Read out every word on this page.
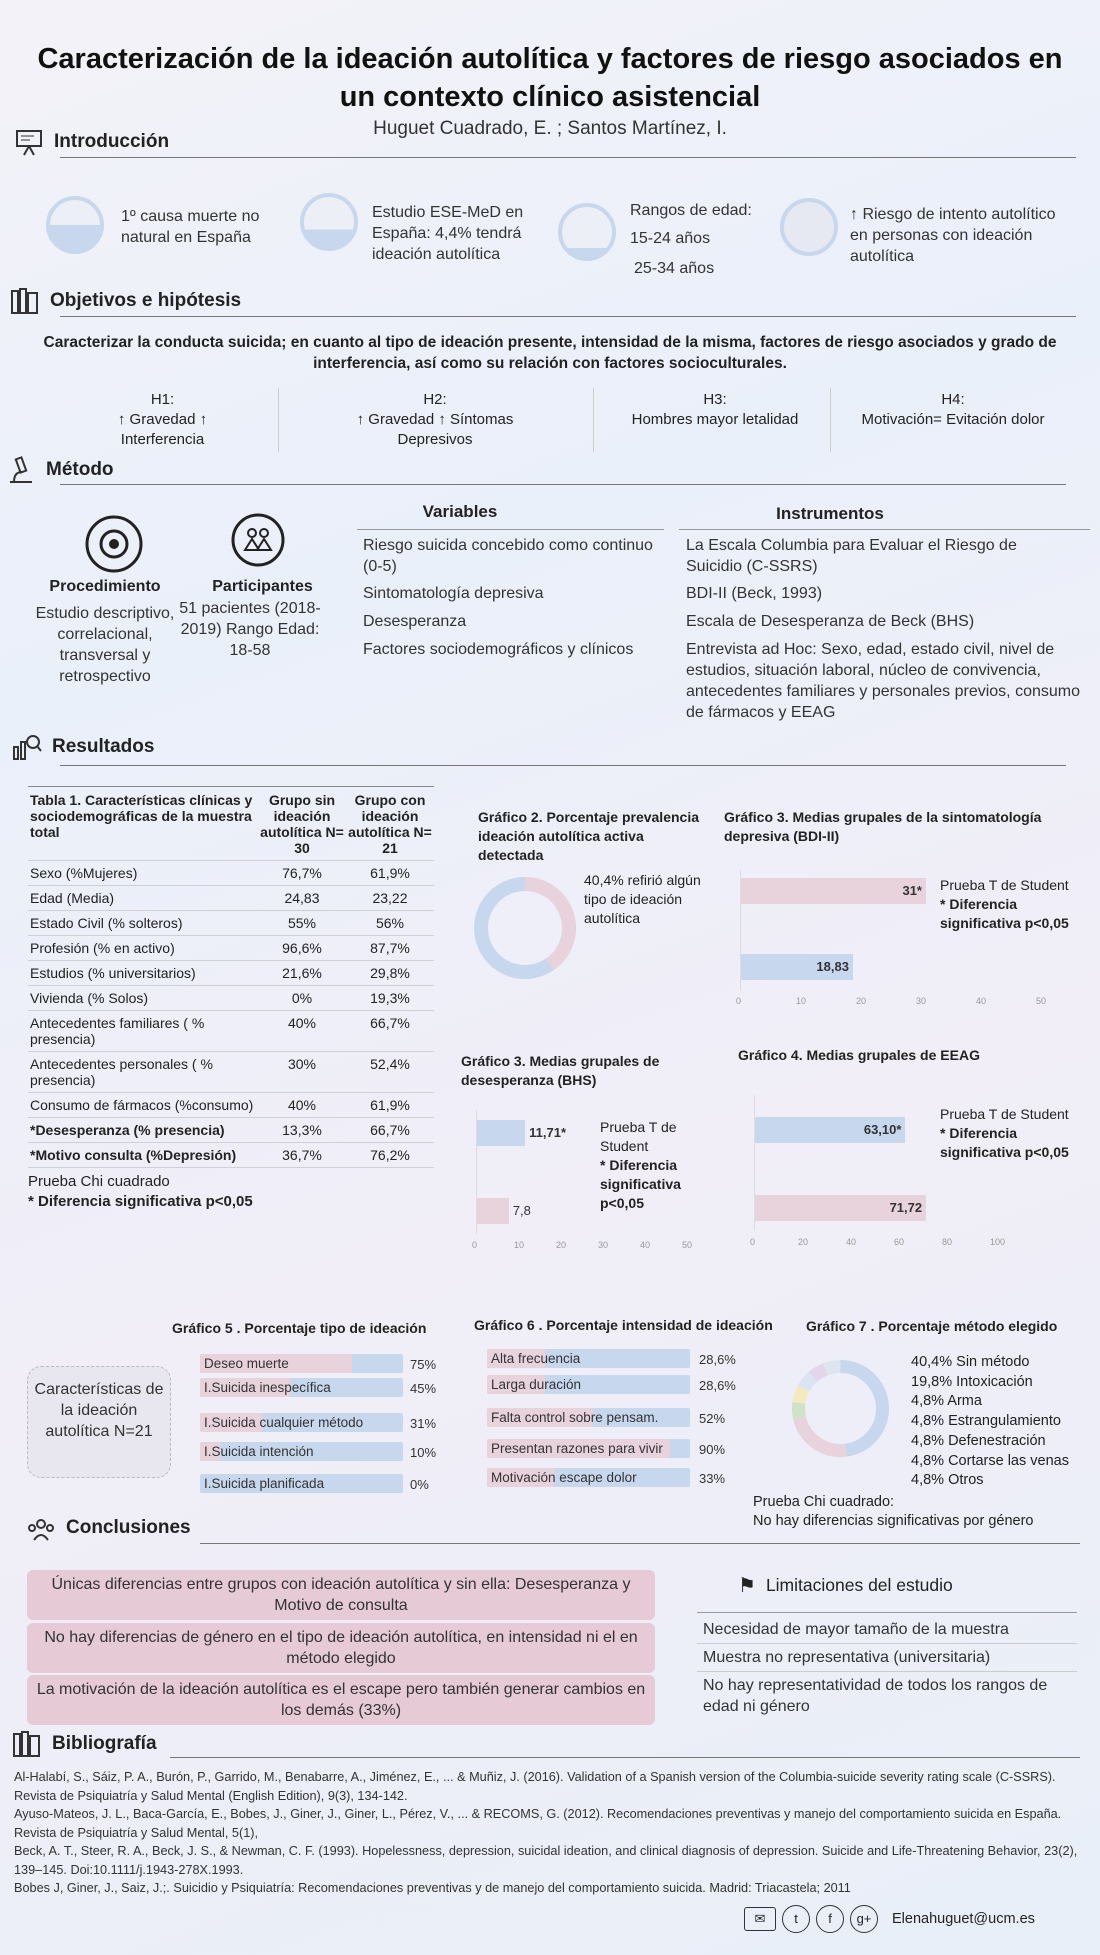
Caracterización de la ideación autolítica y factores de riesgo asociados en un contexto clínico asistencial
Huguet Cuadrado, E. ; Santos Martínez, I.
Introducción
1º causa muerte no natural en España
Estudio ESE-MeD en España: 4,4% tendrá ideación autolítica
Rangos de edad:
15-24 años
25-34 años
↑ Riesgo de intento autolítico en personas con ideación autolítica
Objetivos e hipótesis
Caracterizar la conducta suicida; en cuanto al tipo de ideación presente, intensidad de la misma, factores de riesgo asociados y grado de interferencia, así como su relación con factores socioculturales.
H1:
↑ Gravedad ↑
Interferencia
H2:
↑ Gravedad ↑ Síntomas
Depresivos
H3:
Hombres mayor letalidad
H4:
Motivación= Evitación dolor
Método
Procedimiento
Estudio descriptivo, correlacional, transversal y retrospectivo
Participantes
51 pacientes (2018-2019) Rango Edad: 18-58
Variables
Riesgo suicida concebido como continuo (0-5)
Sintomatología depresiva
Desesperanza
Factores sociodemográficos y clínicos
Instrumentos
La Escala Columbia para Evaluar el Riesgo de Suicidio (C-SSRS)
BDI-II (Beck, 1993)
Escala de Desesperanza de Beck (BHS)
Entrevista ad Hoc: Sexo, edad, estado civil, nivel de estudios, situación laboral, núcleo de convivencia, antecedentes familiares y personales previos, consumo de fármacos y EEAG
Resultados
Tabla 1. Características clínicas y sociodemográficas de la muestra total	Grupo sin ideación autolítica N= 30	Grupo con ideación autolítica N= 21
Sexo (%Mujeres)	76,7%	61,9%
Edad (Media)	24,83	23,22
Estado Civil (% solteros)	55%	56%
Profesión (% en activo)	96,6%	87,7%
Estudios (% universitarios)	21,6%	29,8%
Vivienda (% Solos)	0%	19,3%
Antecedentes familiares ( % presencia)	40%	66,7%
Antecedentes personales ( % presencia)	30%	52,4%
Consumo de fármacos (%consumo)	40%	61,9%
*Desesperanza (% presencia)	13,3%	66,7%
*Motivo consulta (%Depresión)	36,7%	76,2%
Prueba Chi cuadrado
* Diferencia significativa p<0,05
Gráfico 2. Porcentaje prevalencia ideación autolítica activa detectada
40,4% refirió algún tipo de ideación autolítica
Gráfico 3. Medias grupales de la sintomatología depresiva (BDI-II)
31*
18,83
0	10	20	30	40	50
Prueba T de Student
* Diferencia significativa p<0,05
Gráfico 3. Medias grupales de desesperanza (BHS)
11,71*
7,8
0	10	20	30	40	50
Prueba T de Student
* Diferencia significativa p<0,05
Gráfico 4. Medias grupales de EEAG
63,10*
71,72
0	20	40	60	80	100
Prueba T de Student
* Diferencia significativa p<0,05
Gráfico 5 . Porcentaje tipo de ideación
Características de la ideación autolítica N=21
Deseo muerte	75%
I.Suicida inespecífica	45%
I.Suicida cualquier método	31%
I.Suicida intención	10%
I.Suicida planificada	0%
Gráfico 6 . Porcentaje intensidad de ideación
Alta frecuencia	28,6%
Larga duración	28,6%
Falta control sobre pensam.	52%
Presentan razones para vivir	90%
Motivación escape dolor	33%
Gráfico 7 . Porcentaje método elegido
40,4% Sin método
19,8% Intoxicación
4,8% Arma
4,8% Estrangulamiento
4,8% Defenestración
4,8% Cortarse las venas
4,8% Otros
Prueba Chi cuadrado:
No hay diferencias significativas por género
Conclusiones
Únicas diferencias entre grupos con ideación autolítica y sin ella: Desesperanza y Motivo de consulta
No hay diferencias de género en el tipo de ideación autolítica, en intensidad ni el en método elegido
La motivación de la ideación autolítica es el escape pero también generar cambios en los demás (33%)
⚑ Limitaciones del estudio
Necesidad de mayor tamaño de la muestra
Muestra no representativa (universitaria)
No hay representatividad de todos los rangos de edad ni género
Bibliografía
Al-Halabí, S., Sáiz, P. A., Burón, P., Garrido, M., Benabarre, A., Jiménez, E., ... & Muñiz, J. (2016). Validation of a Spanish version of the Columbia-suicide severity rating scale (C-SSRS). Revista de Psiquiatría y Salud Mental (English Edition), 9(3), 134-142.
Ayuso-Mateos, J. L., Baca-García, E., Bobes, J., Giner, J., Giner, L., Pérez, V., ... & RECOMS, G. (2012). Recomendaciones preventivas y manejo del comportamiento suicida en España. Revista de Psiquiatría y Salud Mental, 5(1),
Beck, A. T., Steer, R. A., Beck, J. S., & Newman, C. F. (1993). Hopelessness, depression, suicidal ideation, and clinical diagnosis of depression. Suicide and Life-Threatening Behavior, 23(2), 139–145. Doi:10.1111/j.1943-278X.1993.
Bobes J, Giner, J., Saiz, J.;. Suicidio y Psiquiatría: Recomendaciones preventivas y de manejo del comportamiento suicida. Madrid: Triacastela; 2011
✉	t	f	g+	Elenahuguet@ucm.es
